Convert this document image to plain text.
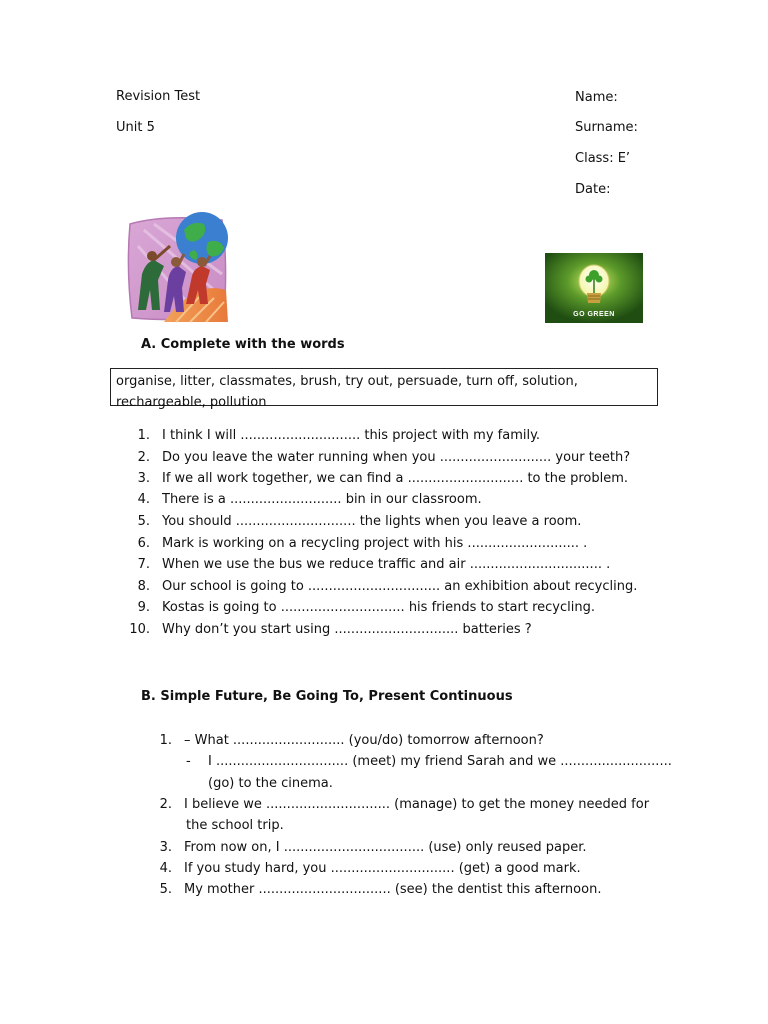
Revision Test
Unit 5
Name:
Surname:
Class: E’
Date:
GO GREEN
A. Complete with the words
organise, litter, classmates, brush, try out, persuade, turn off, solution,
rechargeable, pollution
1. I think I will ............................. this project with my family.
2. Do you leave the water running when you ........................... your teeth?
3. If we all work together, we can find a ............................ to the problem.
4. There is a ........................... bin in our classroom.
5. You should ............................. the lights when you leave a room.
6. Mark is working on a recycling project with his ........................... .
7. When we use the bus we reduce traffic and air ................................ .
8. Our school is going to ................................ an exhibition about recycling.
9. Kostas is going to .............................. his friends to start recycling.
10. Why don’t you start using .............................. batteries ?
B. Simple Future, Be Going To, Present Continuous
1. – What ........................... (you/do) tomorrow afternoon?
- I ................................ (meet) my friend Sarah and we ...........................
(go) to the cinema.
2. I believe we .............................. (manage) to get the money needed for
the school trip.
3. From now on, I .................................. (use) only reused paper.
4. If you study hard, you .............................. (get) a good mark.
5. My mother ................................ (see) the dentist this afternoon.
